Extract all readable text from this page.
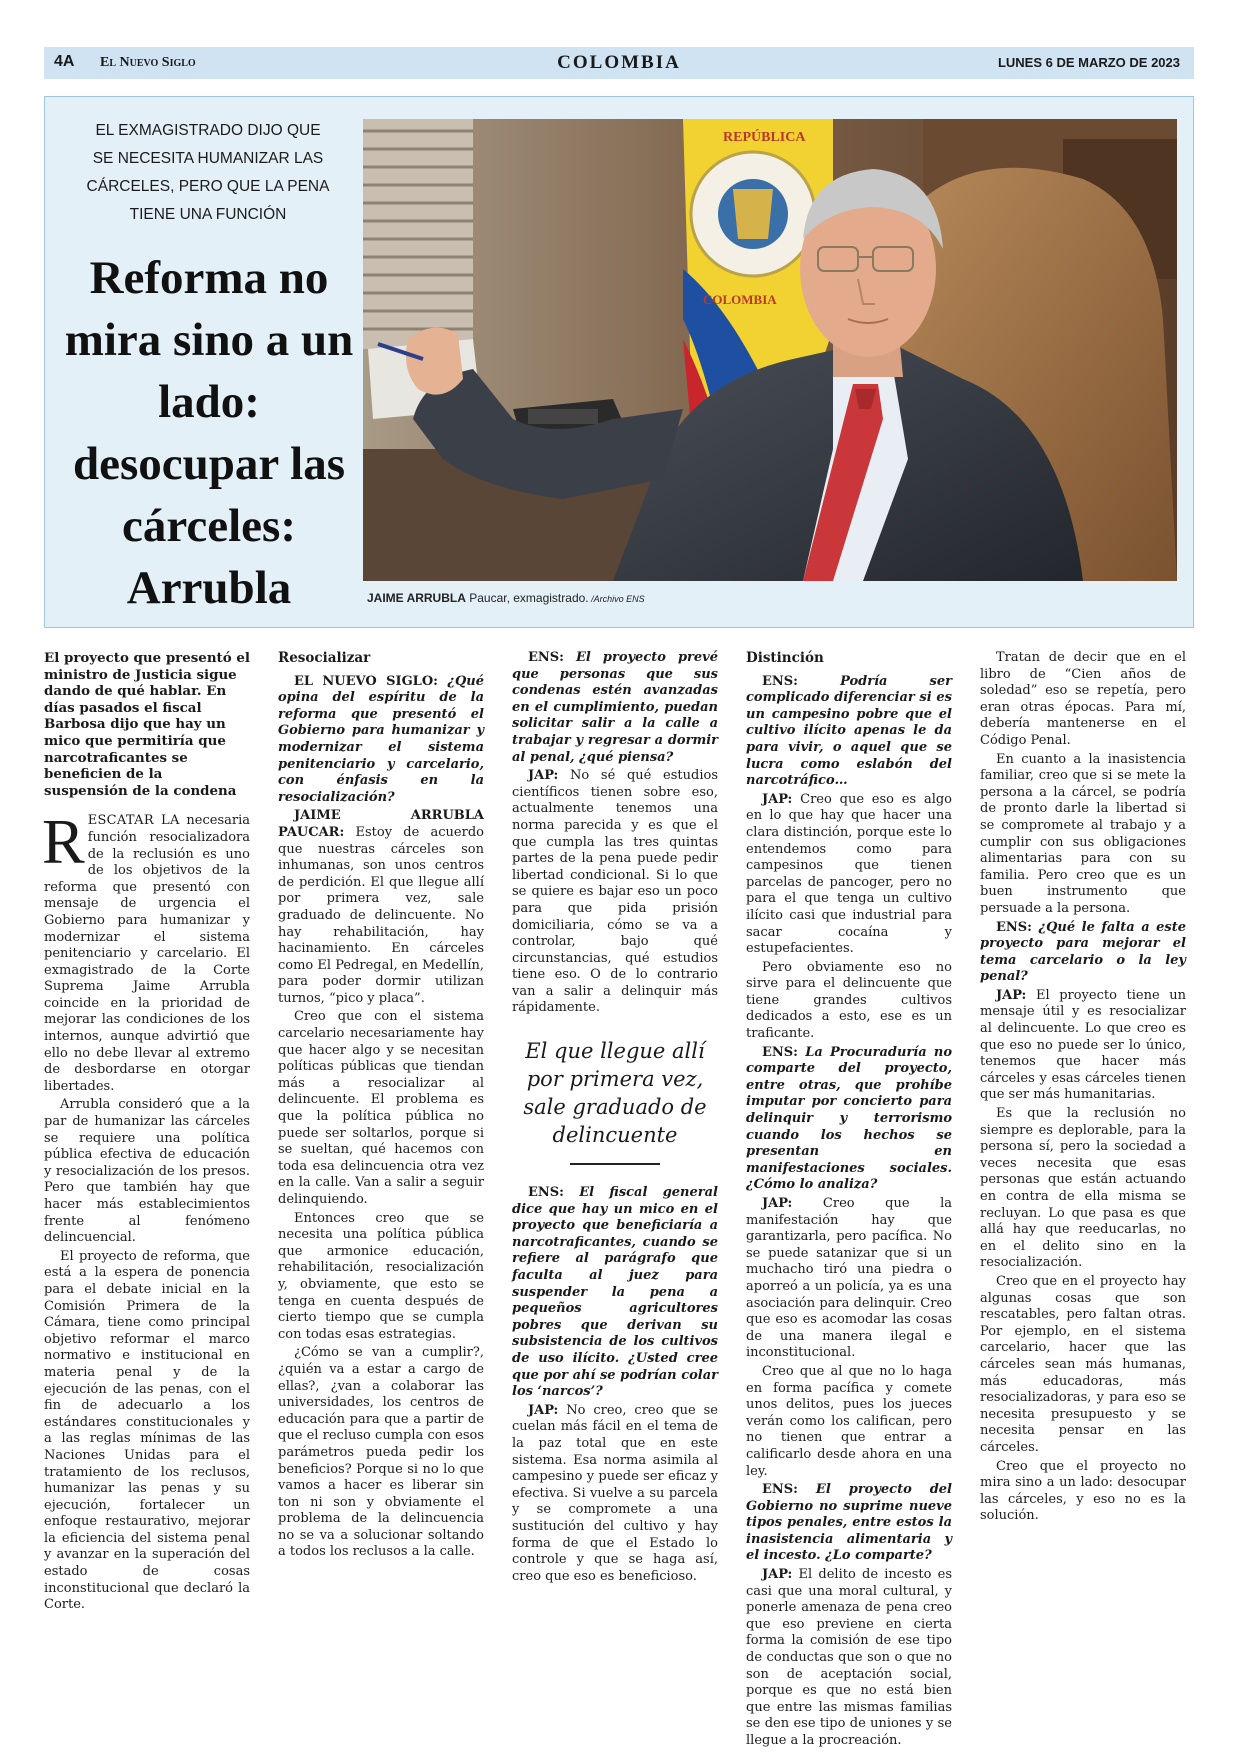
4A El Nuevo Siglo	COLOMBIA	LUNES 6 DE MARZO DE 2023
EL EXMAGISTRADO DIJO QUE SE NECESITA HUMANIZAR LAS CÁRCELES, PERO QUE LA PENA TIENE UNA FUNCIÓN
Reforma no mira sino a un lado: desocupar las cárceles: Arrubla
REPÚBLICA
COLOMBIA
JAIME ARRUBLA Paucar, exmagistrado. /Archivo ENS
El proyecto que presentó el ministro de Justicia sigue dando de qué hablar. En días pasados el fiscal Barbosa dijo que hay un mico que permitiría que narcotraficantes se beneficien de la suspensión de la condena

RESCATAR LA necesaria función resocializadora de la reclusión es uno de los objetivos de la reforma que presentó con mensaje de urgencia el Gobierno para humanizar y modernizar el sistema penitenciario y carcelario. El exmagistrado de la Corte Suprema Jaime Arrubla coincide en la prioridad de mejorar las condiciones de los internos, aunque advirtió que ello no debe llevar al extremo de desbordarse en otorgar libertades.

Arrubla consideró que a la par de humanizar las cárceles se requiere una política pública efectiva de educación y resocialización de los presos. Pero que también hay que hacer más establecimientos frente al fenómeno delincuencial.

El proyecto de reforma, que está a la espera de ponencia para el debate inicial en la Comisión Primera de la Cámara, tiene como principal objetivo reformar el marco normativo e institucional en materia penal y de la ejecución de las penas, con el fin de adecuarlo a los estándares constitucionales y a las reglas mínimas de las Naciones Unidas para el tratamiento de los reclusos, humanizar las penas y su ejecución, fortalecer un enfoque restaurativo, mejorar la eficiencia del sistema penal y avanzar en la superación del estado de cosas inconstitucional que declaró la Corte.

Resocializar

EL NUEVO SIGLO: ¿Qué opina del espíritu de la reforma que presentó el Gobierno para humanizar y modernizar el sistema penitenciario y carcelario, con énfasis en la resocialización?

JAIME ARRUBLA PAUCAR: Estoy de acuerdo que nuestras cárceles son inhumanas, son unos centros de perdición. El que llegue allí por primera vez, sale graduado de delincuente. No hay rehabilitación, hay hacinamiento. En cárceles como El Pedregal, en Medellín, para poder dormir utilizan turnos, “pico y placa”.

Creo que con el sistema carcelario necesariamente hay que hacer algo y se necesitan políticas públicas que tiendan más a resocializar al delincuente. El problema es que la política pública no puede ser soltarlos, porque si se sueltan, qué hacemos con toda esa delincuencia otra vez en la calle. Van a salir a seguir delinquiendo.

Entonces creo que se necesita una política pública que armonice educación, rehabilitación, resocialización y, obviamente, que esto se tenga en cuenta después de cierto tiempo que se cumpla con todas esas estrategias.

¿Cómo se van a cumplir?, ¿quién va a estar a cargo de ellas?, ¿van a colaborar las universidades, los centros de educación para que a partir de que el recluso cumpla con esos parámetros pueda pedir los beneficios? Porque si no lo que vamos a hacer es liberar sin ton ni son y obviamente el problema de la delincuencia no se va a solucionar soltando a todos los reclusos a la calle.

ENS: El proyecto prevé que personas que sus condenas estén avanzadas en el cumplimiento, puedan solicitar salir a la calle a trabajar y regresar a dormir al penal, ¿qué piensa?

JAP: No sé qué estudios científicos tienen sobre eso, actualmente tenemos una norma parecida y es que el que cumpla las tres quintas partes de la pena puede pedir libertad condicional. Si lo que se quiere es bajar eso un poco para que pida prisión domiciliaria, cómo se va a controlar, bajo qué circunstancias, qué estudios tiene eso. O de lo contrario van a salir a delinquir más rápidamente.

El que llegue allí por primera vez, sale graduado de delincuente

ENS: El fiscal general dice que hay un mico en el proyecto que beneficiaría a narcotraficantes, cuando se refiere al parágrafo que faculta al juez para suspender la pena a pequeños agricultores pobres que derivan su subsistencia de los cultivos de uso ilícito. ¿Usted cree que por ahí se podrían colar los ‘narcos’?

JAP: No creo, creo que se cuelan más fácil en el tema de la paz total que en este sistema. Esa norma asimila al campesino y puede ser eficaz y efectiva. Si vuelve a su parcela y se compromete a una sustitución del cultivo y hay forma de que el Estado lo controle y que se haga así, creo que eso es beneficioso.

Distinción

ENS: Podría ser complicado diferenciar si es un campesino pobre que el cultivo ilícito apenas le da para vivir, o aquel que se lucra como eslabón del narcotráfico…

JAP: Creo que eso es algo en lo que hay que hacer una clara distinción, porque este lo entendemos como para campesinos que tienen parcelas de pancoger, pero no para el que tenga un cultivo ilícito casi que industrial para sacar cocaína y estupefacientes.

Pero obviamente eso no sirve para el delincuente que tiene grandes cultivos dedicados a esto, ese es un traficante.

ENS: La Procuraduría no comparte del proyecto, entre otras, que prohíbe imputar por concierto para delinquir y terrorismo cuando los hechos se presentan en manifestaciones sociales. ¿Cómo lo analiza?

JAP: Creo que la manifestación hay que garantizarla, pero pacífica. No se puede satanizar que si un muchacho tiró una piedra o aporreó a un policía, ya es una asociación para delinquir. Creo que eso es acomodar las cosas de una manera ilegal e inconstitucional.

Creo que al que no lo haga en forma pacífica y comete unos delitos, pues los jueces verán como los califican, pero no tienen que entrar a calificarlo desde ahora en una ley.

ENS: El proyecto del Gobierno no suprime nueve tipos penales, entre estos la inasistencia alimentaria y el incesto. ¿Lo comparte?

JAP: El delito de incesto es casi que una moral cultural, y ponerle amenaza de pena creo que eso previene en cierta forma la comisión de ese tipo de conductas que son o que no son de aceptación social, porque es que no está bien que entre las mismas familias se den ese tipo de uniones y se llegue a la procreación.

Tratan de decir que en el libro de “Cien años de soledad” eso se repetía, pero eran otras épocas. Para mí, debería mantenerse en el Código Penal.

En cuanto a la inasistencia familiar, creo que si se mete la persona a la cárcel, se podría de pronto darle la libertad si se compromete al trabajo y a cumplir con sus obligaciones alimentarias para con su familia. Pero creo que es un buen instrumento que persuade a la persona.

ENS: ¿Qué le falta a este proyecto para mejorar el tema carcelario o la ley penal?

JAP: El proyecto tiene un mensaje útil y es resocializar al delincuente. Lo que creo es que eso no puede ser lo único, tenemos que hacer más cárceles y esas cárceles tienen que ser más humanitarias.

Es que la reclusión no siempre es deplorable, para la persona sí, pero la sociedad a veces necesita que esas personas que están actuando en contra de ella misma se recluyan. Lo que pasa es que allá hay que reeducarlas, no en el delito sino en la resocialización.

Creo que en el proyecto hay algunas cosas que son rescatables, pero faltan otras. Por ejemplo, en el sistema carcelario, hacer que las cárceles sean más humanas, más educadoras, más resocializadoras, y para eso se necesita presupuesto y se necesita pensar en las cárceles.

Creo que el proyecto no mira sino a un lado: desocupar las cárceles, y eso no es la solución.
